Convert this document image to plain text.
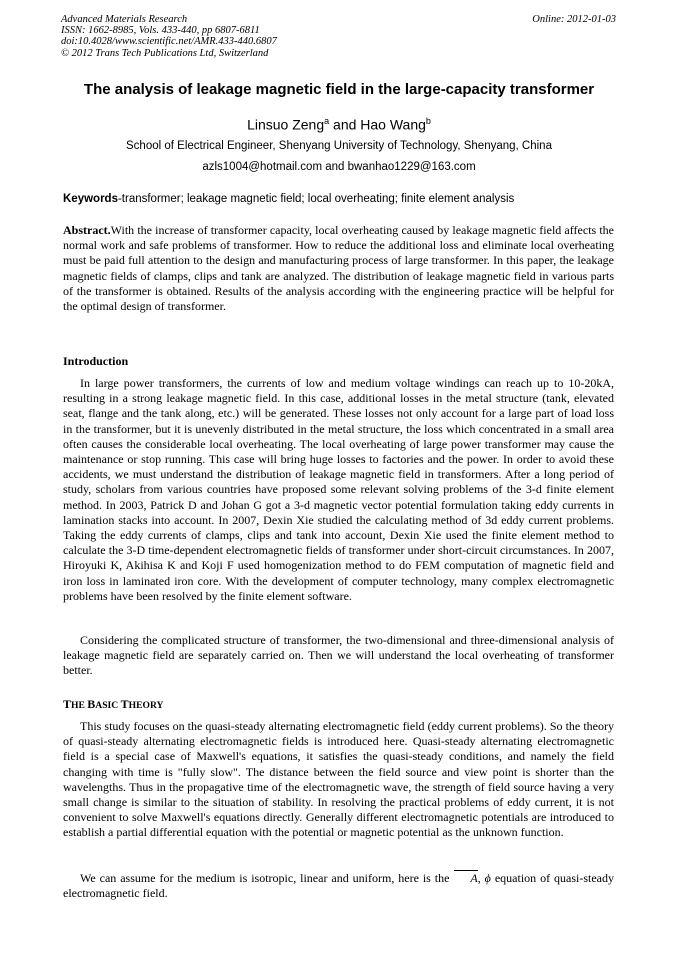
Advanced Materials Research
ISSN: 1662-8985, Vols. 433-440, pp 6807-6811
doi:10.4028/www.scientific.net/AMR.433-440.6807
© 2012 Trans Tech Publications Ltd, Switzerland
Online: 2012-01-03
The analysis of leakage magnetic field in the large-capacity transformer
Linsuo Zeng$^a$ and Hao Wang$^b$
School of Electrical Engineer, Shenyang University of Technology, Shenyang, China
azls1004@hotmail.com and bwanhao1229@163.com
Keywords-transformer; leakage magnetic field; local overheating; finite element analysis
Abstract.With the increase of transformer capacity, local overheating caused by leakage magnetic field affects the normal work and safe problems of transformer. How to reduce the additional loss and eliminate local overheating must be paid full attention to the design and manufacturing process of large transformer. In this paper, the leakage magnetic fields of clamps, clips and tank are analyzed. The distribution of leakage magnetic field in various parts of the transformer is obtained. Results of the analysis according with the engineering practice will be helpful for the optimal design of transformer.
Introduction
In large power transformers, the currents of low and medium voltage windings can reach up to 10-20kA, resulting in a strong leakage magnetic field. In this case, additional losses in the metal structure (tank, elevated seat, flange and the tank along, etc.) will be generated. These losses not only account for a large part of load loss in the transformer, but it is unevenly distributed in the metal structure, the loss which concentrated in a small area often causes the considerable local overheating. The local overheating of large power transformer may cause the maintenance or stop running. This case will bring huge losses to factories and the power. In order to avoid these accidents, we must understand the distribution of leakage magnetic field in transformers. After a long period of study, scholars from various countries have proposed some relevant solving problems of the 3-d finite element method. In 2003, Patrick D and Johan G got a 3-d magnetic vector potential formulation taking eddy currents in lamination stacks into account. In 2007, Dexin Xie studied the calculating method of 3d eddy current problems. Taking the eddy currents of clamps, clips and tank into account, Dexin Xie used the finite element method to calculate the 3-D time-dependent electromagnetic fields of transformer under short-circuit circumstances. In 2007, Hiroyuki K, Akihisa K and Koji F used homogenization method to do FEM computation of magnetic field and iron loss in laminated iron core. With the development of computer technology, many complex electromagnetic problems have been resolved by the finite element software.
Considering the complicated structure of transformer, the two-dimensional and three-dimensional analysis of leakage magnetic field are separately carried on. Then we will understand the local overheating of transformer better.
THE BASIC THEORY
This study focuses on the quasi-steady alternating electromagnetic field (eddy current problems). So the theory of quasi-steady alternating electromagnetic fields is introduced here. Quasi-steady alternating electromagnetic field is a special case of Maxwell's equations, it satisfies the quasi-steady conditions, and namely the field changing with time is "fully slow". The distance between the field source and view point is shorter than the wavelengths. Thus in the propagative time of the electromagnetic wave, the strength of field source having a very small change is similar to the situation of stability. In resolving the practical problems of eddy current, it is not convenient to solve Maxwell's equations directly. Generally different electromagnetic potentials are introduced to establish a partial differential equation with the potential or magnetic potential as the unknown function.
We can assume for the medium is isotropic, linear and uniform, here is the A, ϕ equation of quasi-steady electromagnetic field.
